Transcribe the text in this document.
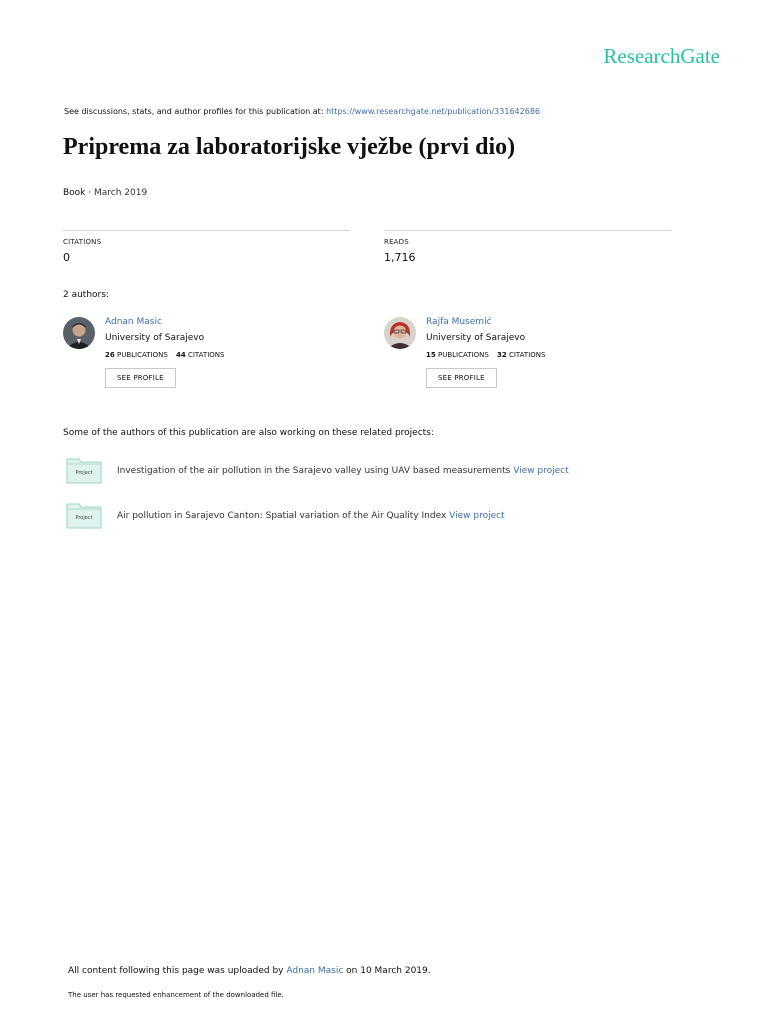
ResearchGate
See discussions, stats, and author profiles for this publication at: https://www.researchgate.net/publication/331642686
Priprema za laboratorijske vježbe (prvi dio)
Book · March 2019
CITATIONS
0
READS
1,716
2 authors:
Adnan Masic
University of Sarajevo
26 PUBLICATIONS 44 CITATIONS
SEE PROFILE
Rajfa Musemić
University of Sarajevo
15 PUBLICATIONS 32 CITATIONS
SEE PROFILE
Some of the authors of this publication are also working on these related projects:
Project	Investigation of the air pollution in the Sarajevo valley using UAV based measurements View project
Project	Air pollution in Sarajevo Canton: Spatial variation of the Air Quality Index View project
All content following this page was uploaded by Adnan Masic on 10 March 2019.
The user has requested enhancement of the downloaded file.
